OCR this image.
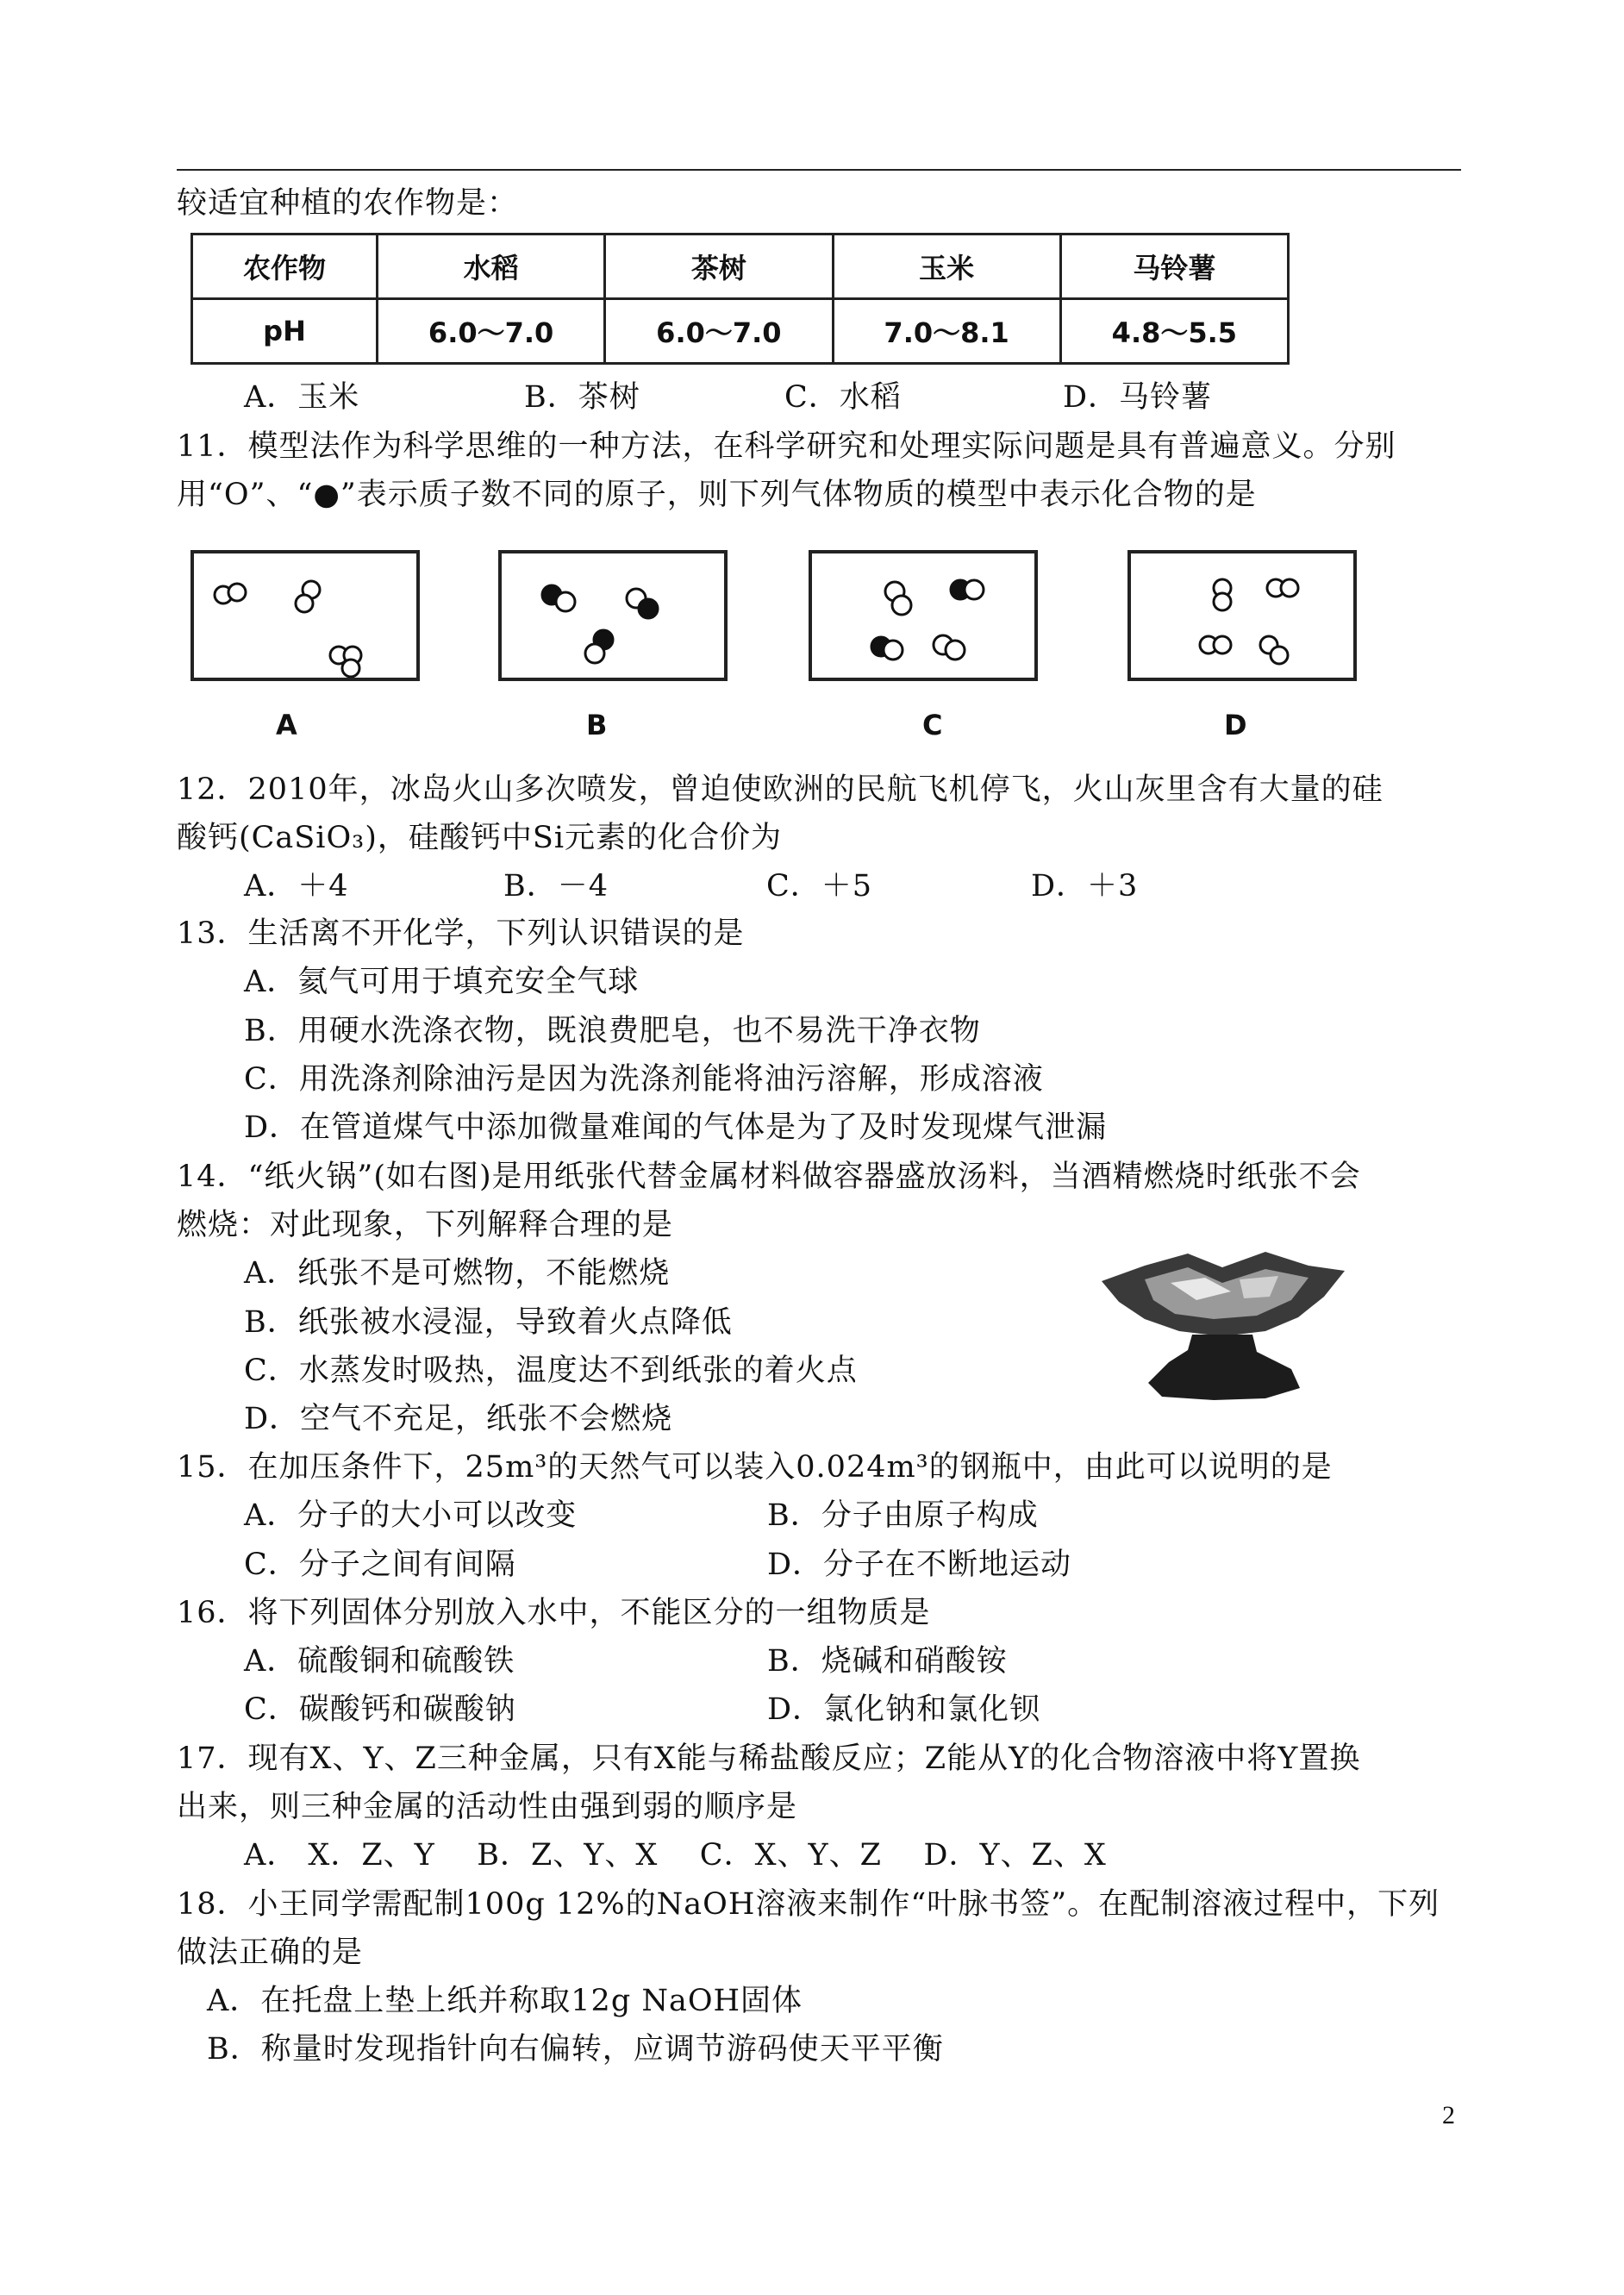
较适宜种植的农作物是：
农作物	水稻	茶树	玉米	马铃薯
pH	6.0～7.0	6.0～7.0	7.0～8.1	4.8～5.5
A．玉米	B．茶树	C．水稻	D．马铃薯
11．模型法作为科学思维的一种方法，在科学研究和处理实际问题是具有普遍意义。分别
用“O”、“●”表示质子数不同的原子，则下列气体物质的模型中表示化合物的是
A	B	C	D
12．2010年，冰岛火山多次喷发，曾迫使欧洲的民航飞机停飞，火山灰里含有大量的硅
酸钙(CaSiO₃)，硅酸钙中Si元素的化合价为
A．＋4	B．－4	C．＋5	D．＋3
13．生活离不开化学，下列认识错误的是
A．氦气可用于填充安全气球
B．用硬水洗涤衣物，既浪费肥皂，也不易洗干净衣物
C．用洗涤剂除油污是因为洗涤剂能将油污溶解，形成溶液
D．在管道煤气中添加微量难闻的气体是为了及时发现煤气泄漏
14．“纸火锅”(如右图)是用纸张代替金属材料做容器盛放汤料，当酒精燃烧时纸张不会
燃烧：对此现象，下列解释合理的是
A．纸张不是可燃物，不能燃烧
B．纸张被水浸湿，导致着火点降低
C．水蒸发时吸热，温度达不到纸张的着火点
D．空气不充足，纸张不会燃烧
15．在加压条件下，25m³的天然气可以装入0.024m³的钢瓶中，由此可以说明的是
A．分子的大小可以改变	B．分子由原子构成
C．分子之间有间隔	D．分子在不断地运动
16．将下列固体分别放入水中，不能区分的一组物质是
A．硫酸铜和硫酸铁	B．烧碱和硝酸铵
C．碳酸钙和碳酸钠	D．氯化钠和氯化钡
17．现有X、Y、Z三种金属，只有X能与稀盐酸反应；Z能从Y的化合物溶液中将Y置换
出来，则三种金属的活动性由强到弱的顺序是
A． X．Z、Y    B．Z、Y、X    C．X、Y、Z    D．Y、Z、X
18．小王同学需配制100g 12%的NaOH溶液来制作“叶脉书签”。在配制溶液过程中，下列
做法正确的是
A．在托盘上垫上纸并称取12g NaOH固体
B．称量时发现指针向右偏转，应调节游码使天平平衡
2
